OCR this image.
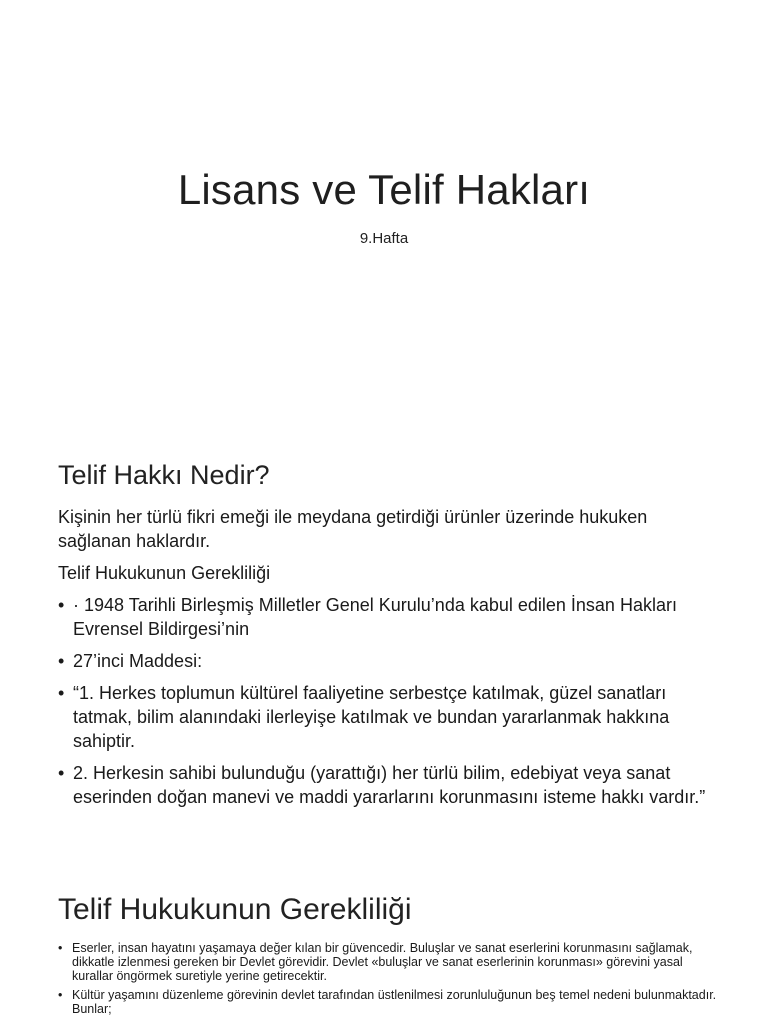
Lisans ve Telif Hakları
9.Hafta
Telif Hakkı Nedir?

Kişinin her türlü fikri emeği ile meydana getirdiği ürünler üzerinde hukuken sağlanan haklardır.

Telif Hukukunun Gerekliliği

• · 1948 Tarihli Birleşmiş Milletler Genel Kurulu’nda kabul edilen İnsan Hakları Evrensel Bildirgesi’nin
• 27’inci Maddesi:
• “1. Herkes toplumun kültürel faaliyetine serbestçe katılmak, güzel sanatları tatmak, bilim alanındaki ilerleyişe katılmak ve bundan yararlanmak hakkına sahiptir.
• 2. Herkesin sahibi bulunduğu (yarattığı) her türlü bilim, edebiyat veya sanat eserinden doğan manevi ve maddi yararlarını korunmasını isteme hakkı vardır.”
Telif Hukukunun Gerekliliği
• Eserler, insan hayatını yaşamaya değer kılan bir güvencedir. Buluşlar ve sanat eserlerini korunmasını sağlamak, dikkatle izlenmesi gereken bir Devlet görevidir. Devlet «buluşlar ve sanat eserlerinin korunması» görevini yasal kurallar öngörmek suretiyle yerine getirecektir.
• Kültür yaşamını düzenleme görevinin devlet tarafından üstlenilmesi zorunluluğunun beş temel nedeni bulunmaktadır. Bunlar;
